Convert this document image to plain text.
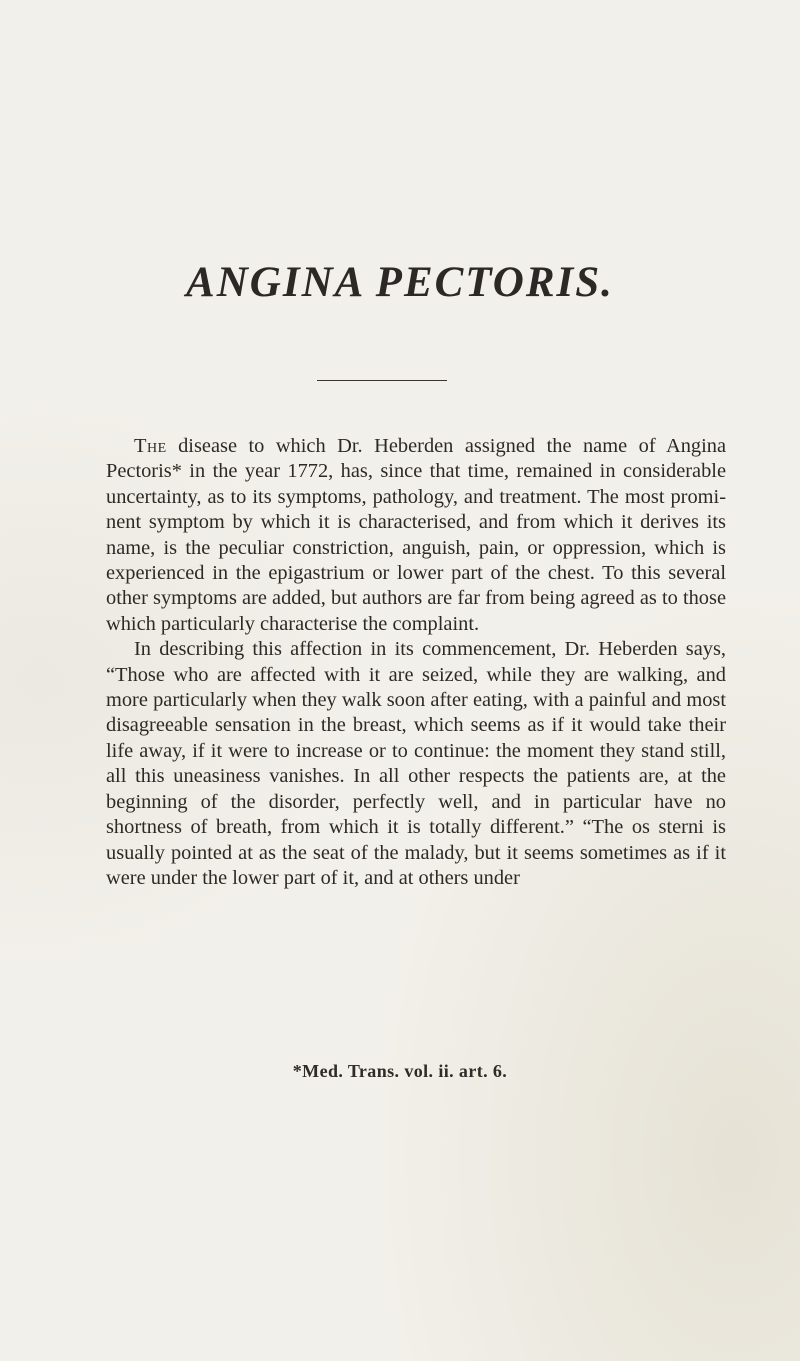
ANGINA PECTORIS.

The disease to which Dr. Heberden assigned the name of Angina Pectoris* in the year 1772, has, since that time, remained in considerable uncertainty, as to its symptoms, pathology, and treatment. The most prominent symptom by which it is characterised, and from which it derives its name, is the peculiar constriction, anguish, pain, or oppression, which is experienced in the epigastrium or lower part of the chest. To this several other symptoms are added, but authors are far from being agreed as to those which particularly characterise the complaint.

In describing this affection in its commencement, Dr. Heberden says, “Those who are affected with it are seized, while they are walking, and more particularly when they walk soon after eating, with a painful and most disagreeable sensation in the breast, which seems as if it would take their life away, if it were to increase or to continue: the moment they stand still, all this uneasiness vanishes. In all other respects the patients are, at the beginning of the disorder, perfectly well, and in particular have no shortness of breath, from which it is totally different.” “The os sterni is usually pointed at as the seat of the malady, but it seems sometimes as if it were under the lower part of it, and at others under

*Med. Trans. vol. ii. art. 6.
